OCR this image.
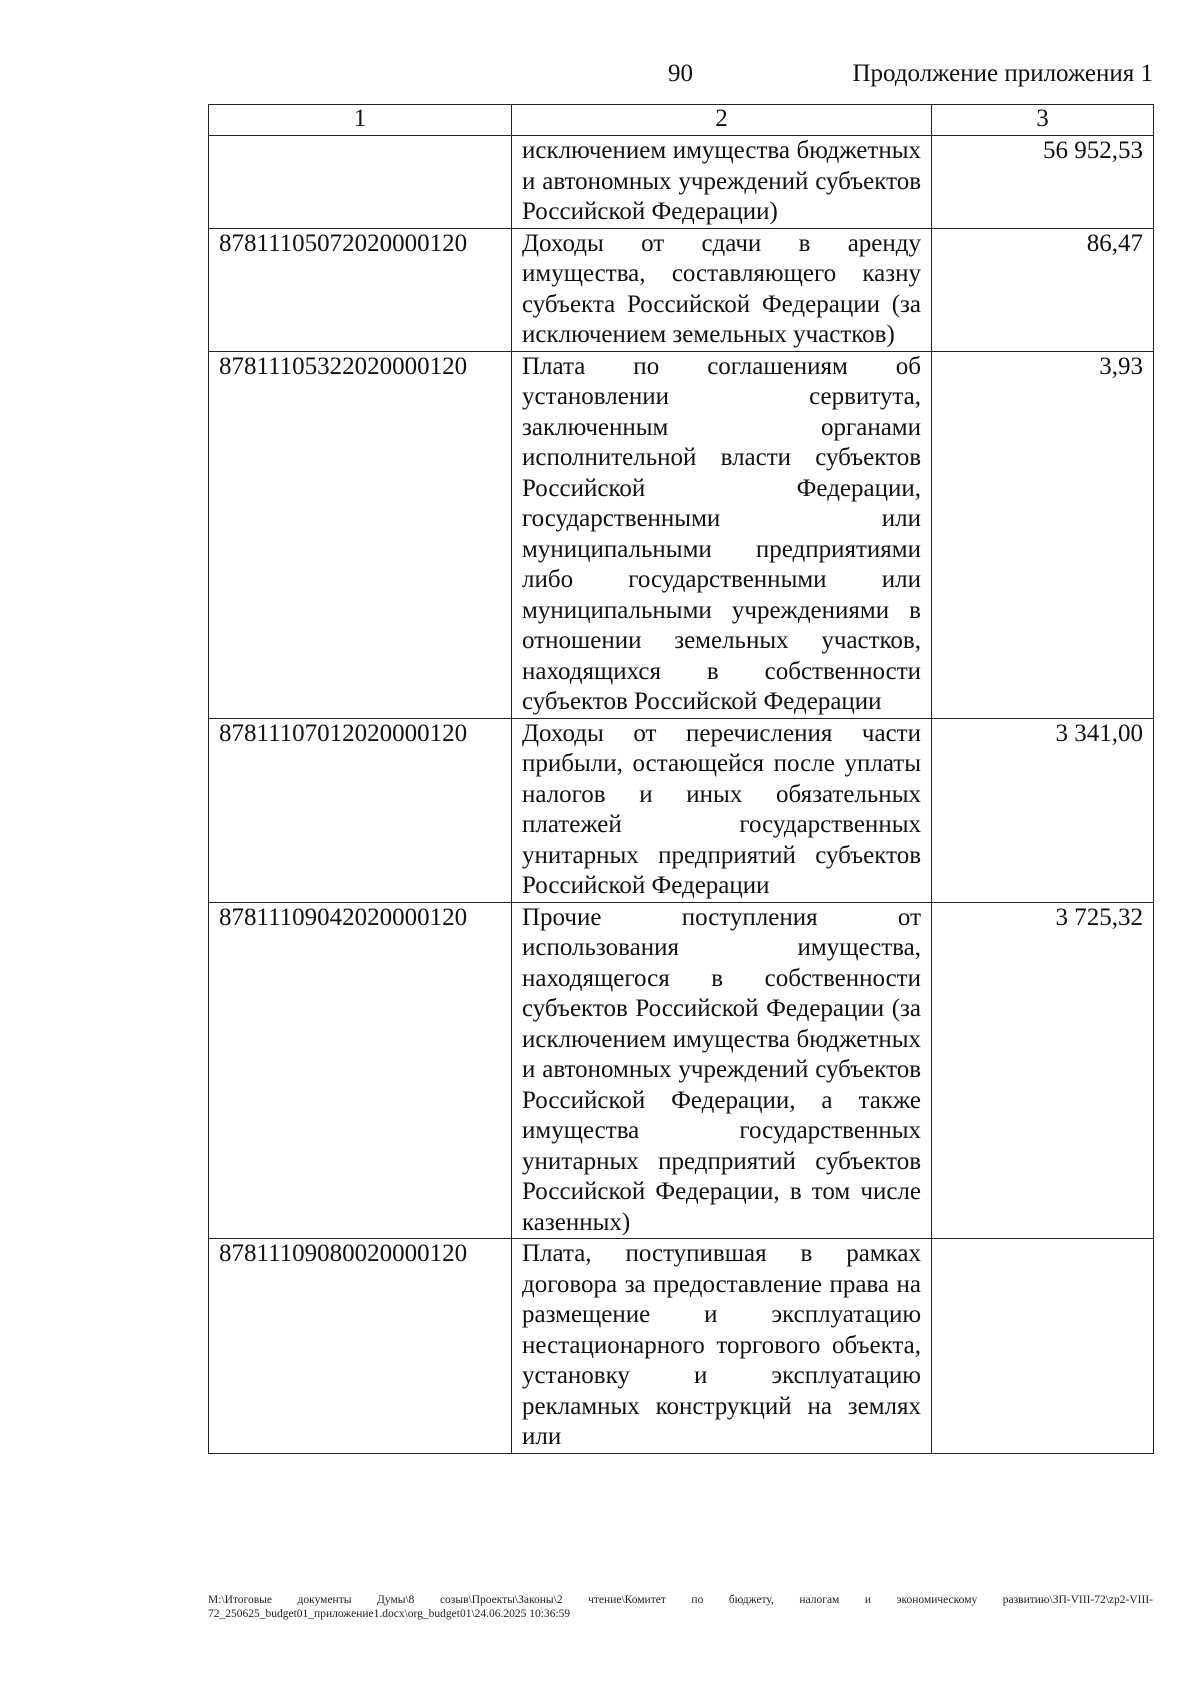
90	Продолжение приложения 1
1	2	3
	исключением имущества бюджетных и автономных учреждений субъектов Российской Федерации)	56 952,53
87811105072020000120	Доходы от сдачи в аренду имущества, составляющего казну субъекта Российской Федерации (за исключением земельных участков)	86,47
87811105322020000120	Плата по соглашениям об установлении сервитута, заключенным органами исполнительной власти субъектов Российской Федерации, государственными или муниципальными предприятиями либо государственными или муниципальными учреждениями в отношении земельных участков, находящихся в собственности субъектов Российской Федерации	3,93
87811107012020000120	Доходы от перечисления части прибыли, остающейся после уплаты налогов и иных обязательных платежей государственных унитарных предприятий субъектов Российской Федерации	3 341,00
87811109042020000120	Прочие поступления от использования имущества, находящегося в собственности субъектов Российской Федерации (за исключением имущества бюджетных и автономных учреждений субъектов Российской Федерации, а также имущества государственных унитарных предприятий субъектов Российской Федерации, в том числе казенных)	3 725,32
87811109080020000120	Плата, поступившая в рамках договора за предоставление права на размещение и эксплуатацию нестационарного торгового объекта, установку и эксплуатацию рекламных конструкций на землях или	
M:\Итоговые документы Думы\8 созыв\Проекты\Законы\2 чтение\Комитет по бюджету, налогам и экономическому развитию\ЗП-VIII-72\zp2-VIII-72_250625_budget01_приложение1.docx\org_budget01\24.06.2025 10:36:59
